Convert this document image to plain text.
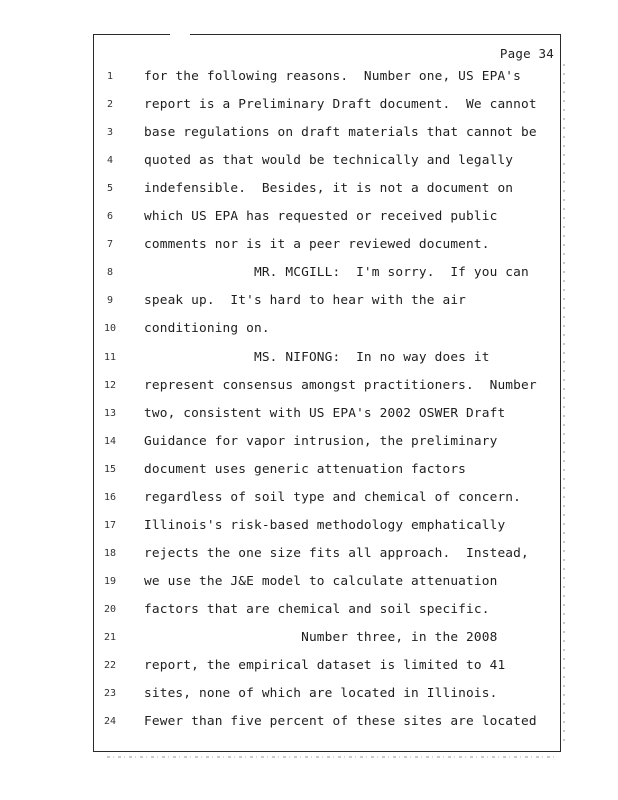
Page 34
1	for the following reasons.  Number one, US EPA's
2	report is a Preliminary Draft document.  We cannot
3	base regulations on draft materials that cannot be
4	quoted as that would be technically and legally
5	indefensible.  Besides, it is not a document on
6	which US EPA has requested or received public
7	comments nor is it a peer reviewed document.
8	MR. MCGILL:  I'm sorry.  If you can
9	speak up.  It's hard to hear with the air
10	conditioning on.
11	MS. NIFONG:  In no way does it
12	represent consensus amongst practitioners.  Number
13	two, consistent with US EPA's 2002 OSWER Draft
14	Guidance for vapor intrusion, the preliminary
15	document uses generic attenuation factors
16	regardless of soil type and chemical of concern.
17	Illinois's risk-based methodology emphatically
18	rejects the one size fits all approach.  Instead,
19	we use the J&E model to calculate attenuation
20	factors that are chemical and soil specific.
21	Number three, in the 2008
22	report, the empirical dataset is limited to 41
23	sites, none of which are located in Illinois.
24	Fewer than five percent of these sites are located
